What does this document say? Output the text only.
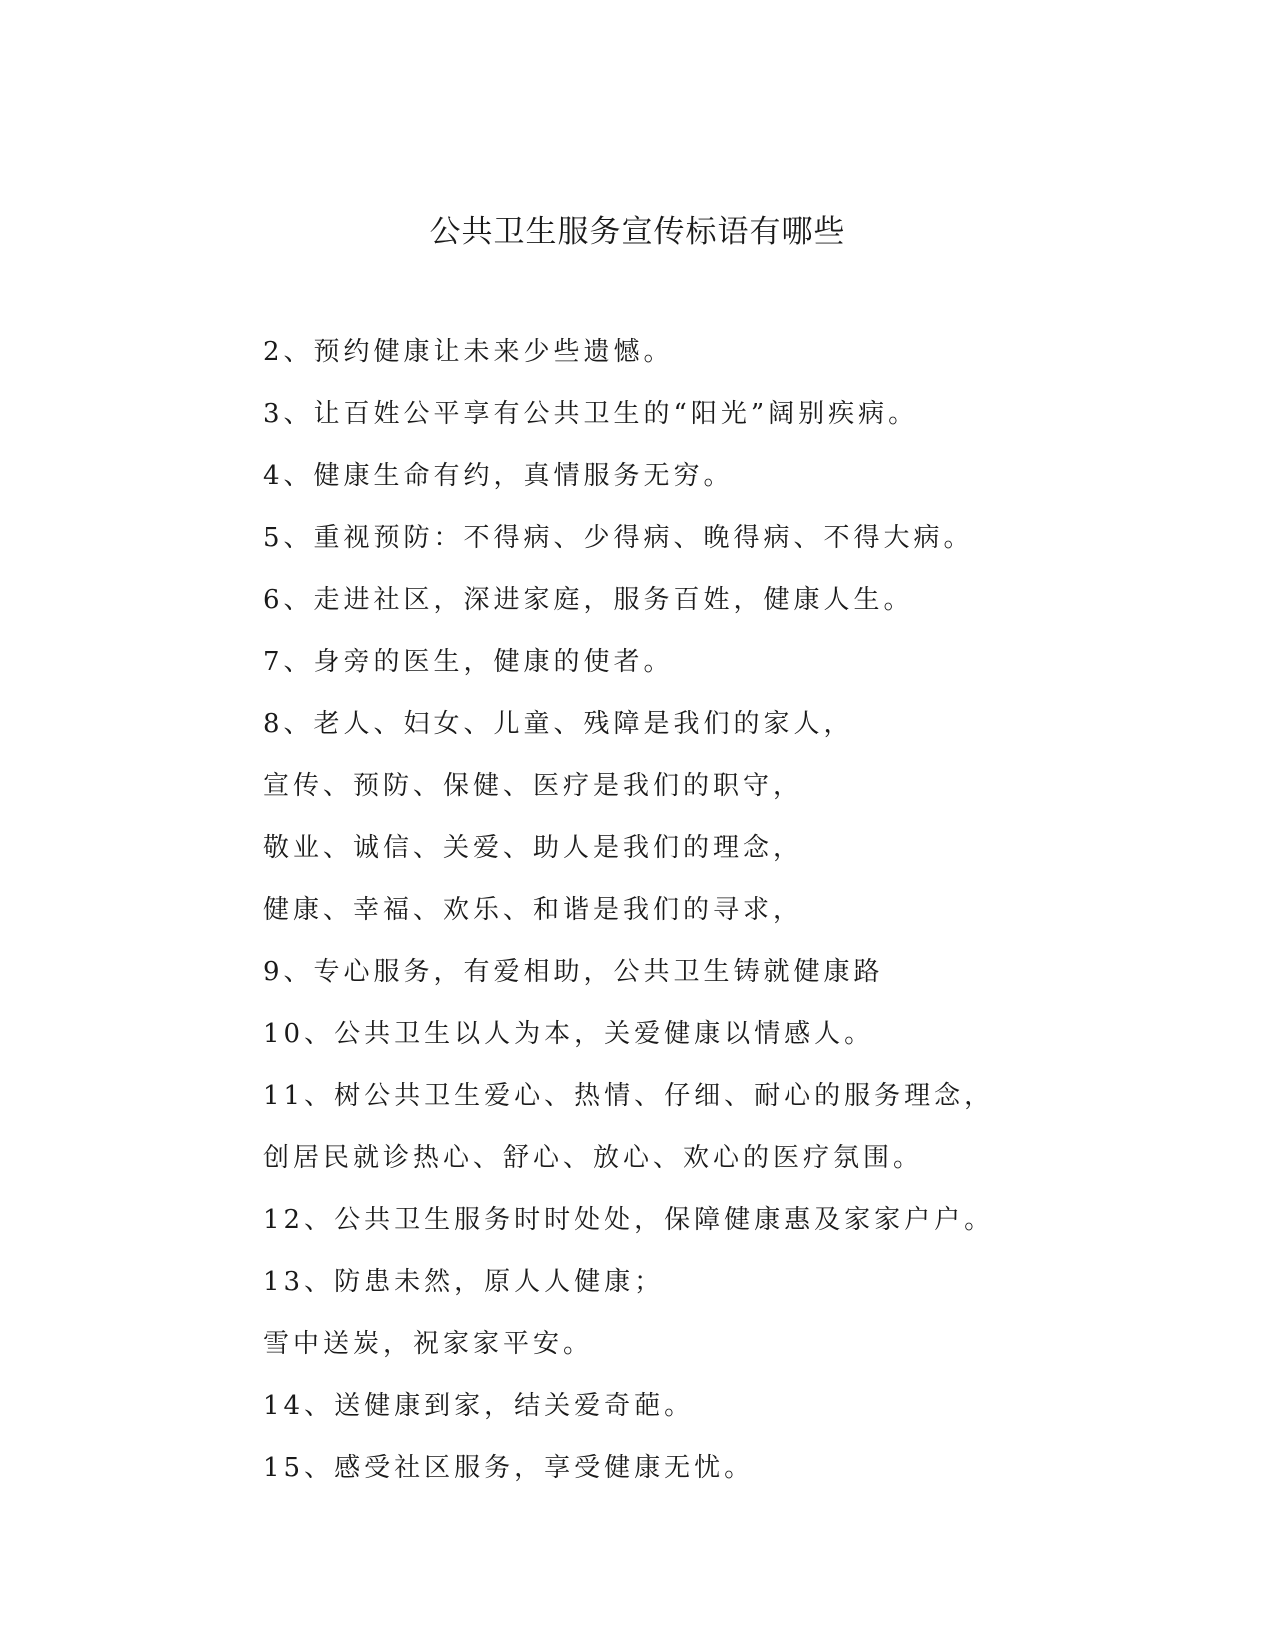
公共卫生服务宣传标语有哪些
2、预约健康让未来少些遗憾。
3、让百姓公平享有公共卫生的“阳光”阔别疾病。
4、健康生命有约，真情服务无穷。
5、重视预防：不得病、少得病、晚得病、不得大病。
6、走进社区，深进家庭，服务百姓，健康人生。
7、身旁的医生，健康的使者。
8、老人、妇女、儿童、残障是我们的家人，
宣传、预防、保健、医疗是我们的职守，
敬业、诚信、关爱、助人是我们的理念，
健康、幸福、欢乐、和谐是我们的寻求，
9、专心服务，有爱相助，公共卫生铸就健康路
10、公共卫生以人为本，关爱健康以情感人。
11、树公共卫生爱心、热情、仔细、耐心的服务理念，
创居民就诊热心、舒心、放心、欢心的医疗氛围。
12、公共卫生服务时时处处，保障健康惠及家家户户。
13、防患未然，原人人健康；
雪中送炭，祝家家平安。
14、送健康到家，结关爱奇葩。
15、感受社区服务，享受健康无忧。
